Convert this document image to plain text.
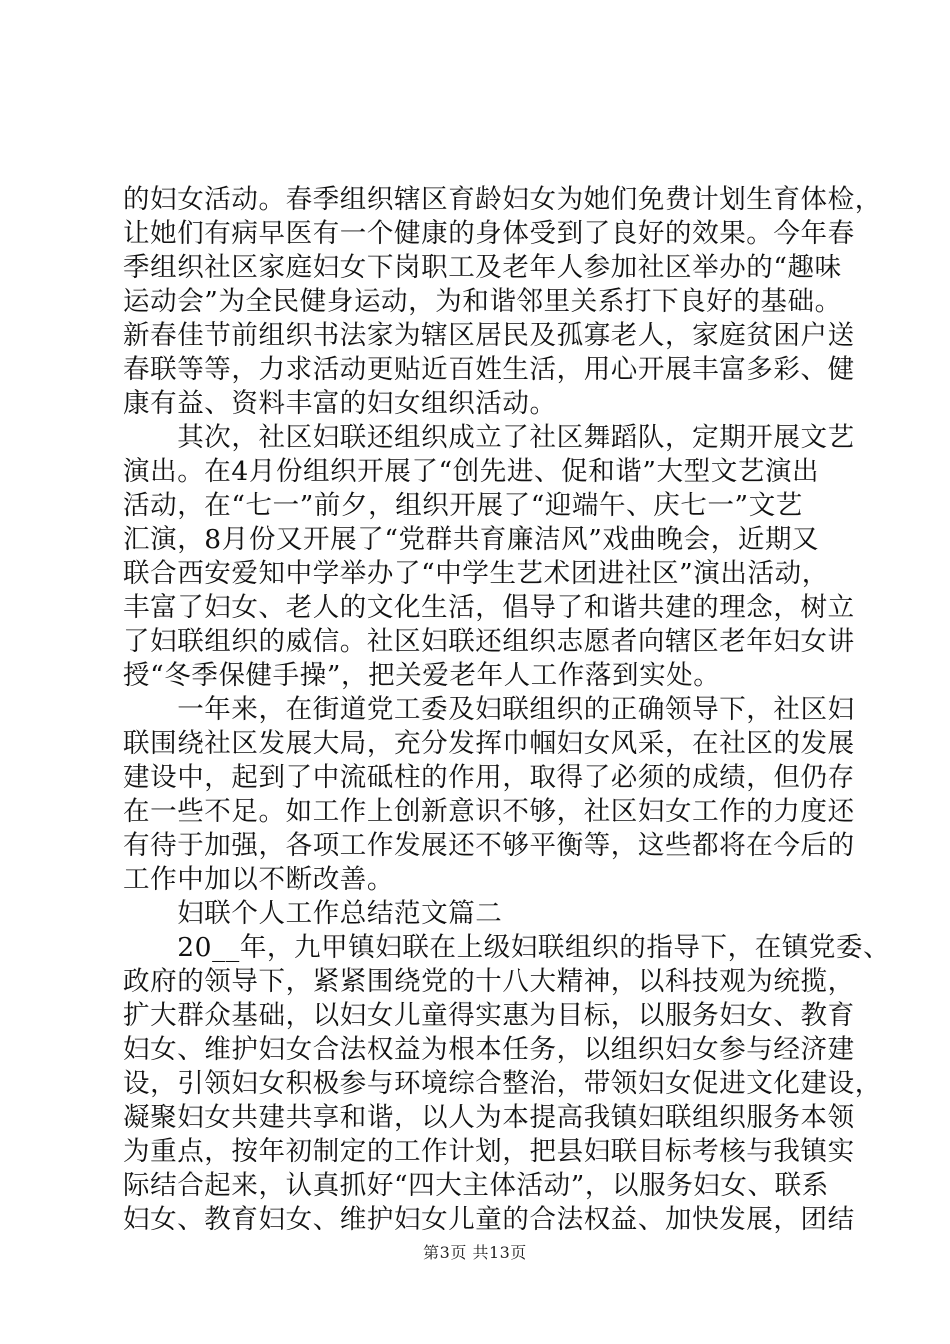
的妇女活动。春季组织辖区育龄妇女为她们免费计划生育体检，
让她们有病早医有一个健康的身体受到了良好的效果。今年春
季组织社区家庭妇女下岗职工及老年人参加社区举办的“趣味
运动会”为全民健身运动，为和谐邻里关系打下良好的基础。
新春佳节前组织书法家为辖区居民及孤寡老人，家庭贫困户送
春联等等，力求活动更贴近百姓生活，用心开展丰富多彩、健
康有益、资料丰富的妇女组织活动。
　　其次，社区妇联还组织成立了社区舞蹈队，定期开展文艺
演出。在4月份组织开展了“创先进、促和谐”大型文艺演出
活动，在“七一”前夕，组织开展了“迎端午、庆七一”文艺
汇演，8月份又开展了“党群共育廉洁风”戏曲晚会，近期又
联合西安爱知中学举办了“中学生艺术团进社区”演出活动，
丰富了妇女、老人的文化生活，倡导了和谐共建的理念，树立
了妇联组织的威信。社区妇联还组织志愿者向辖区老年妇女讲
授“冬季保健手操”，把关爱老年人工作落到实处。
　　一年来，在街道党工委及妇联组织的正确领导下，社区妇
联围绕社区发展大局，充分发挥巾帼妇女风采，在社区的发展
建设中，起到了中流砥柱的作用，取得了必须的成绩，但仍存
在一些不足。如工作上创新意识不够，社区妇女工作的力度还
有待于加强，各项工作发展还不够平衡等，这些都将在今后的
工作中加以不断改善。
　　妇联个人工作总结范文篇二
　　20__年，九甲镇妇联在上级妇联组织的指导下，在镇党委、
政府的领导下，紧紧围绕党的十八大精神，以科技观为统揽，
扩大群众基础，以妇女儿童得实惠为目标，以服务妇女、教育
妇女、维护妇女合法权益为根本任务，以组织妇女参与经济建
设，引领妇女积极参与环境综合整治，带领妇女促进文化建设，
凝聚妇女共建共享和谐，以人为本提高我镇妇联组织服务本领
为重点，按年初制定的工作计划，把县妇联目标考核与我镇实
际结合起来，认真抓好“四大主体活动”，以服务妇女、联系
妇女、教育妇女、维护妇女儿童的合法权益、加快发展，团结
第3页 共13页
